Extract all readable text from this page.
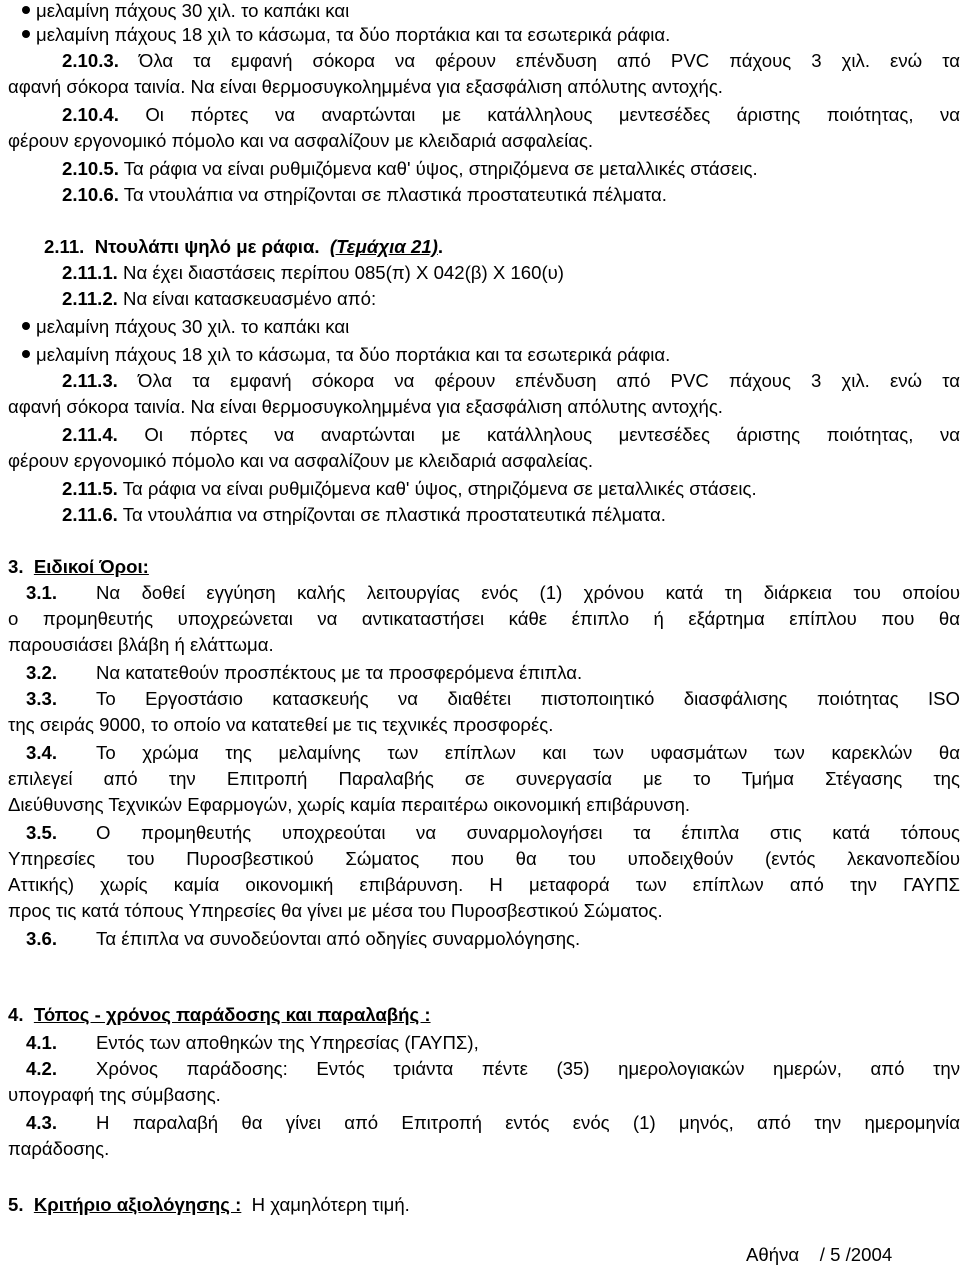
μελαμίνη πάχους 30 χιλ. το καπάκι και
μελαμίνη πάχους 18 χιλ το κάσωμα, τα δύο πορτάκια και τα εσωτερικά ράφια.
2.10.3. Όλα τα εμφανή σόκορα να φέρουν επένδυση από PVC πάχους 3 χιλ. ενώ τα
αφανή σόκορα ταινία. Να είναι θερμοσυγκολημμένα για εξασφάλιση απόλυτης αντοχής.
2.10.4. Οι πόρτες να αναρτώνται με κατάλληλους μεντεσέδες άριστης ποιότητας, να
φέρουν εργονομικό πόμολο και να ασφαλίζουν με κλειδαριά ασφαλείας.
2.10.5. Τα ράφια να είναι ρυθμιζόμενα καθ' ύψος, στηριζόμενα σε μεταλλικές στάσεις.
2.10.6. Τα ντουλάπια να στηρίζονται σε πλαστικά προστατευτικά πέλματα.
2.11. Ντουλάπι ψηλό με ράφια. (Τεμάχια 21).
2.11.1. Να έχει διαστάσεις περίπου 085(π) Χ 042(β) Χ 160(υ)
2.11.2. Να είναι κατασκευασμένο από:
μελαμίνη πάχους 30 χιλ. το καπάκι και
μελαμίνη πάχους 18 χιλ το κάσωμα, τα δύο πορτάκια και τα εσωτερικά ράφια.
2.11.3. Όλα τα εμφανή σόκορα να φέρουν επένδυση από PVC πάχους 3 χιλ. ενώ τα
αφανή σόκορα ταινία. Να είναι θερμοσυγκολημμένα για εξασφάλιση απόλυτης αντοχής.
2.11.4. Οι πόρτες να αναρτώνται με κατάλληλους μεντεσέδες άριστης ποιότητας, να
φέρουν εργονομικό πόμολο και να ασφαλίζουν με κλειδαριά ασφαλείας.
2.11.5. Τα ράφια να είναι ρυθμιζόμενα καθ' ύψος, στηριζόμενα σε μεταλλικές στάσεις.
2.11.6. Τα ντουλάπια να στηρίζονται σε πλαστικά προστατευτικά πέλματα.
3. Ειδικοί Όροι:
3.1. Να δοθεί εγγύηση καλής λειτουργίας ενός (1) χρόνου κατά τη διάρκεια του οποίου
ο προμηθευτής υποχρεώνεται να αντικαταστήσει κάθε έπιπλο ή εξάρτημα επίπλου που θα
παρουσιάσει βλάβη ή ελάττωμα.
3.2. Να κατατεθούν προσπέκτους με τα προσφερόμενα έπιπλα.
3.3. Το Εργοστάσιο κατασκευής να διαθέτει πιστοποιητικό διασφάλισης ποιότητας ISO
της σειράς 9000, το οποίο να κατατεθεί με τις τεχνικές προσφορές.
3.4. Το χρώμα της μελαμίνης των επίπλων και των υφασμάτων των καρεκλών θα
επιλεγεί από την Επιτροπή Παραλαβής σε συνεργασία με το Τμήμα Στέγασης της
Διεύθυνσης Τεχνικών Εφαρμογών, χωρίς καμία περαιτέρω οικονομική επιβάρυνση.
3.5. Ο προμηθευτής υποχρεούται να συναρμολογήσει τα έπιπλα στις κατά τόπους
Υπηρεσίες του Πυροσβεστικού Σώματος που θα του υποδειχθούν (εντός λεκανοπεδίου
Αττικής) χωρίς καμία οικονομική επιβάρυνση. Η μεταφορά των επίπλων από την ΓΑΥΠΣ
προς τις κατά τόπους Υπηρεσίες θα γίνει με μέσα του Πυροσβεστικού Σώματος.
3.6. Τα έπιπλα να συνοδεύονται από οδηγίες συναρμολόγησης.
4. Τόπος - χρόνος παράδοσης και παραλαβής :
4.1. Εντός των αποθηκών της Υπηρεσίας (ΓΑΥΠΣ),
4.2. Χρόνος παράδοσης: Εντός τριάντα πέντε (35) ημερολογιακών ημερών, από την
υπογραφή της σύμβασης.
4.3. Η παραλαβή θα γίνει από Επιτροπή εντός ενός (1) μηνός, από την ημερομηνία
παράδοσης.
5. Κριτήριο αξιολόγησης : Η χαμηλότερη τιμή.
Αθήνα    / 5 /2004
